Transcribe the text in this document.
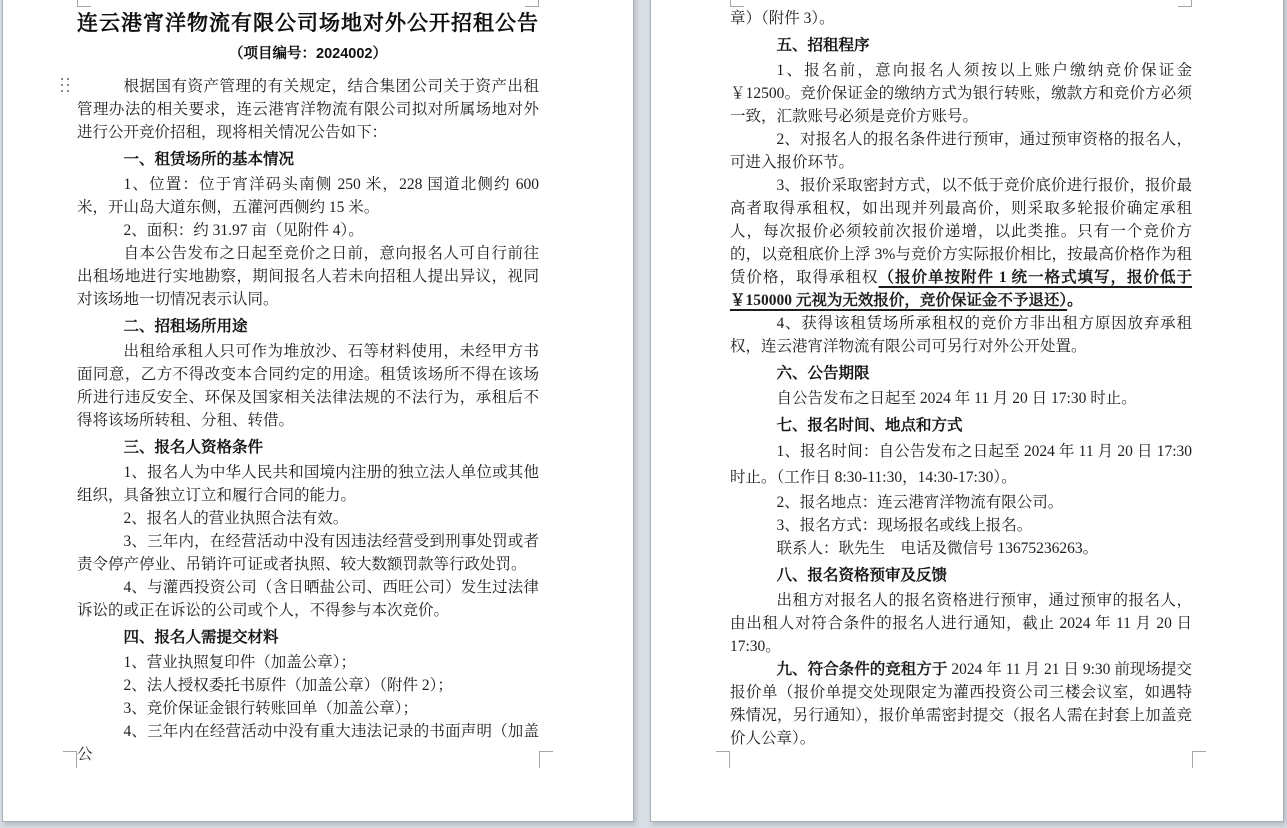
连云港宵洋物流有限公司场地对外公开招租公告
（项目编号：2024002）
根据国有资产管理的有关规定，结合集团公司关于资产出租管理办法的相关要求，连云港宵洋物流有限公司拟对所属场地对外进行公开竞价招租，现将相关情况公告如下：
一、租赁场所的基本情况
1、位置：位于宵洋码头南侧 250 米，228 国道北侧约 600 米，开山岛大道东侧，五灌河西侧约 15 米。
2、面积：约 31.97 亩（见附件 4）。
自本公告发布之日起至竞价之日前，意向报名人可自行前往出租场地进行实地勘察，期间报名人若未向招租人提出异议，视同对该场地一切情况表示认同。
二、招租场所用途
出租给承租人只可作为堆放沙、石等材料使用，未经甲方书面同意，乙方不得改变本合同约定的用途。租赁该场所不得在该场所进行违反安全、环保及国家相关法律法规的不法行为，承租后不得将该场所转租、分租、转借。
三、报名人资格条件
1、报名人为中华人民共和国境内注册的独立法人单位或其他组织，具备独立订立和履行合同的能力。
2、报名人的营业执照合法有效。
3、三年内，在经营活动中没有因违法经营受到刑事处罚或者责令停产停业、吊销许可证或者执照、较大数额罚款等行政处罚。
4、与灌西投资公司（含日晒盐公司、西旺公司）发生过法律诉讼的或正在诉讼的公司或个人，不得参与本次竞价。
四、报名人需提交材料
1、营业执照复印件（加盖公章）；
2、法人授权委托书原件（加盖公章）（附件 2）；
3、竞价保证金银行转账回单（加盖公章）；
4、三年内在经营活动中没有重大违法记录的书面声明（加盖公
章）（附件 3）。
五、招租程序
1、报名前，意向报名人须按以上账户缴纳竞价保证金￥12500。竞价保证金的缴纳方式为银行转账，缴款方和竞价方必须一致，汇款账号必须是竞价方账号。
2、对报名人的报名条件进行预审，通过预审资格的报名人，可进入报价环节。
3、报价采取密封方式，以不低于竞价底价进行报价，报价最高者取得承租权，如出现并列最高价，则采取多轮报价确定承租人，每次报价必须较前次报价递增，以此类推。只有一个竞价方的，以竞租底价上浮 3%与竞价方实际报价相比，按最高价格作为租赁价格，取得承租权（报价单按附件 1 统一格式填写，报价低于￥150000 元视为无效报价，竞价保证金不予退还）。
4、获得该租赁场所承租权的竞价方非出租方原因放弃承租权，连云港宵洋物流有限公司可另行对外公开处置。
六、公告期限
自公告发布之日起至 2024 年 11 月 20 日 17:30 时止。
七、报名时间、地点和方式
1、报名时间：自公告发布之日起至 2024 年 11 月 20 日 17:30 时止。（工作日 8:30-11:30，14:30-17:30）。
2、报名地点：连云港宵洋物流有限公司。
3、报名方式：现场报名或线上报名。
联系人：耿先生　电话及微信号 13675236263。
八、报名资格预审及反馈
出租方对报名人的报名资格进行预审，通过预审的报名人，由出租人对符合条件的报名人进行通知，截止 2024 年 11 月 20 日 17:30。
九、符合条件的竞租方于 2024 年 11 月 21 日 9:30 前现场提交报价单（报价单提交处现限定为灌西投资公司三楼会议室，如遇特殊情况，另行通知），报价单需密封提交（报名人需在封套上加盖竞价人公章）。
